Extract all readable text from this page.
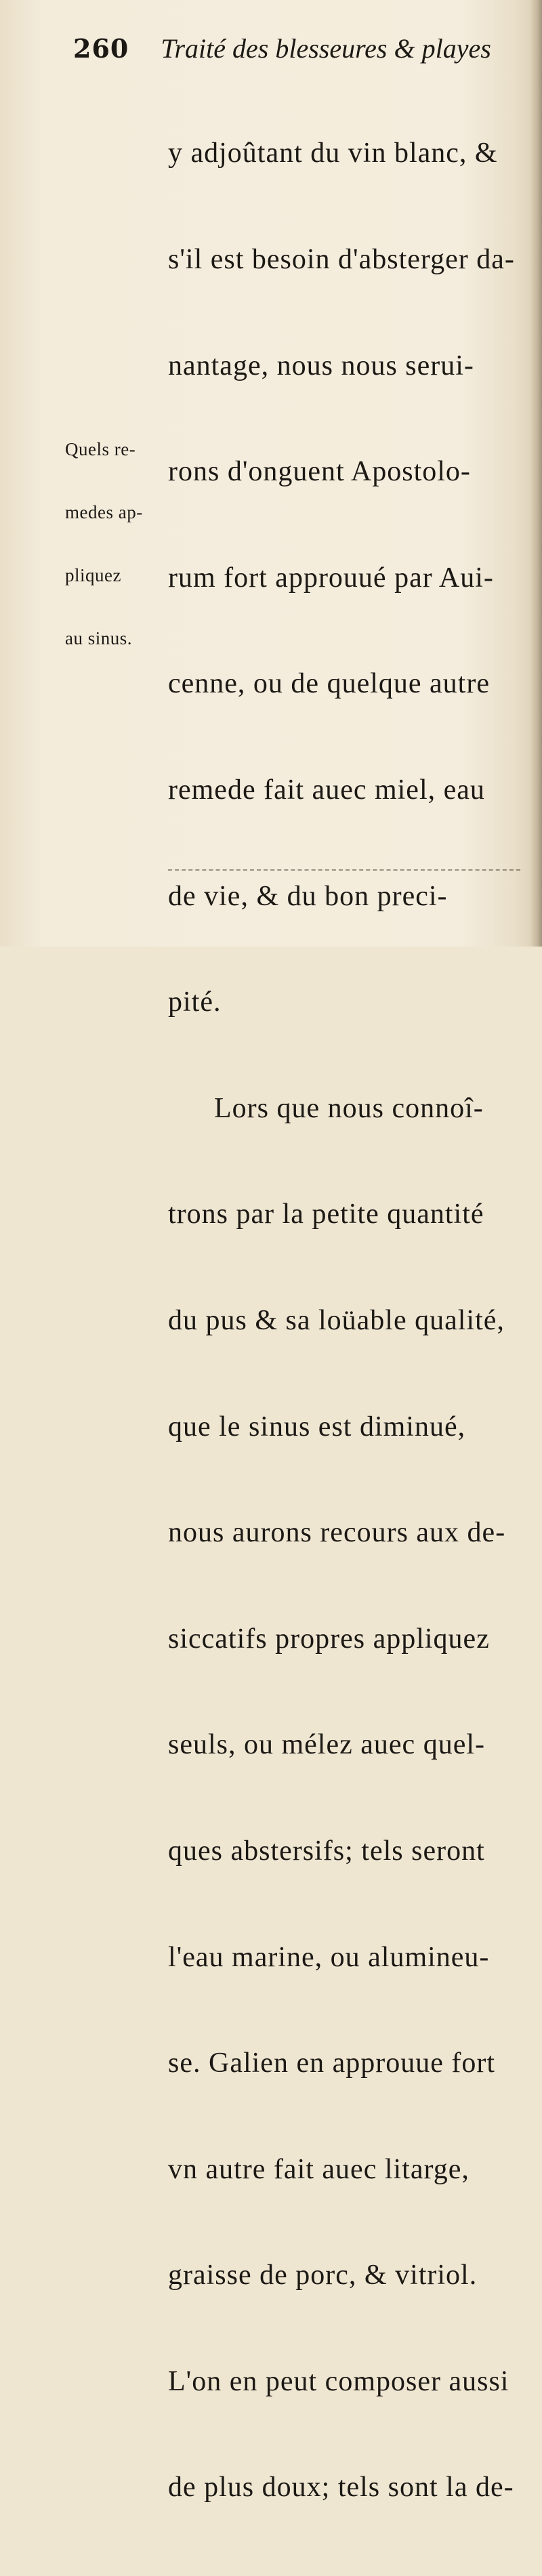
260 Traité des blesseures & playes

y adjoûtant du vin blanc, &

s'il est besoin d'absterger da-

nantage, nous nous serui-

rons d'onguent Apostolo-

rum fort approuué par Aui-

cenne, ou de quelque autre

remede fait auec miel, eau

de vie, & du bon preci-

pité.

Lors que nous connoî-

trons par la petite quantité

du pus & sa loüable qualité,

que le sinus est diminué,

nous aurons recours aux de-

siccatifs propres appliquez

seuls, ou mélez auec quel-

ques abstersifs; tels seront

l'eau marine, ou alumineu-

se. Galien en approuue fort

vn autre fait auec litarge,

graisse de porc, & vitriol.

L'on en peut composer aussi

de plus doux; tels sont la de-

Quels re-

medes ap-

pliquez

au sinus.
